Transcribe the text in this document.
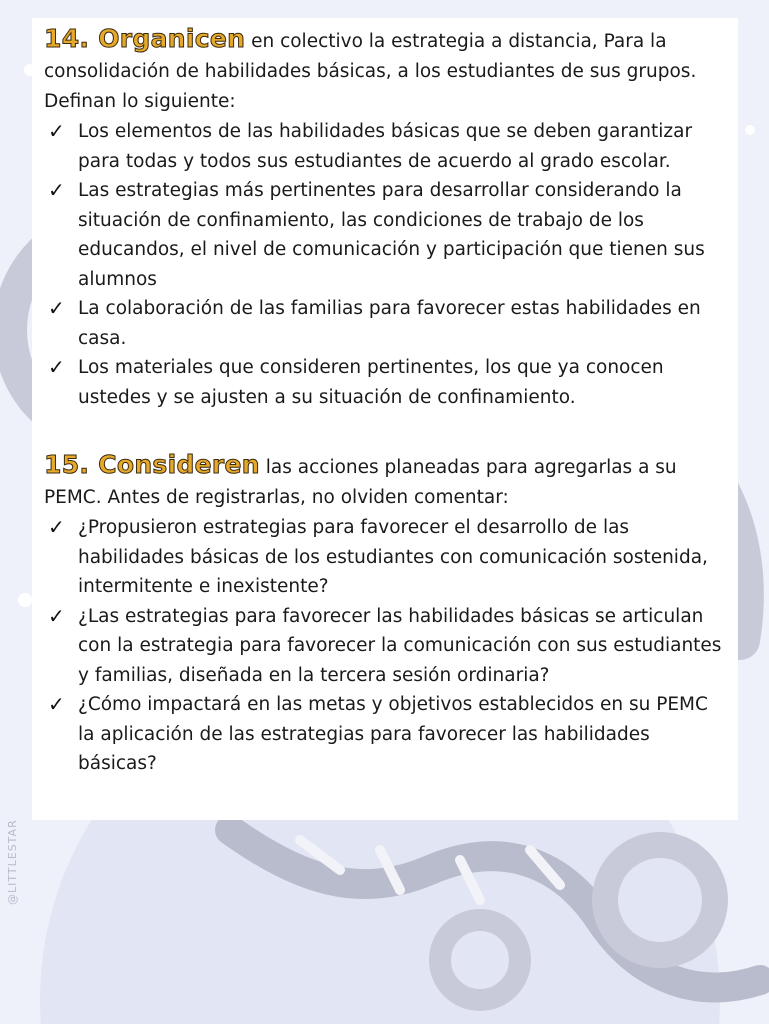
14. Organicen en colectivo la estrategia a distancia, Para la consolidación de habilidades básicas, a los estudiantes de sus grupos. Definan lo siguiente:

✓ Los elementos de las habilidades básicas que se deben garantizar para todas y todos sus estudiantes de acuerdo al grado escolar.
✓ Las estrategias más pertinentes para desarrollar considerando la situación de confinamiento, las condiciones de trabajo de los educandos, el nivel de comunicación y participación que tienen sus alumnos
✓ La colaboración de las familias para favorecer estas habilidades en casa.
✓ Los materiales que consideren pertinentes, los que ya conocen ustedes y se ajusten a su situación de confinamiento.

15. Consideren las acciones planeadas para agregarlas a su PEMC. Antes de registrarlas, no olviden comentar:

✓ ¿Propusieron estrategias para favorecer el desarrollo de las habilidades básicas de los estudiantes con comunicación sostenida, intermitente e inexistente?
✓ ¿Las estrategias para favorecer las habilidades básicas se articulan con la estrategia para favorecer la comunicación con sus estudiantes y familias, diseñada en la tercera sesión ordinaria?
✓ ¿Cómo impactará en las metas y objetivos establecidos en su PEMC la aplicación de las estrategias para favorecer las habilidades básicas?
@LITTLESTAR
